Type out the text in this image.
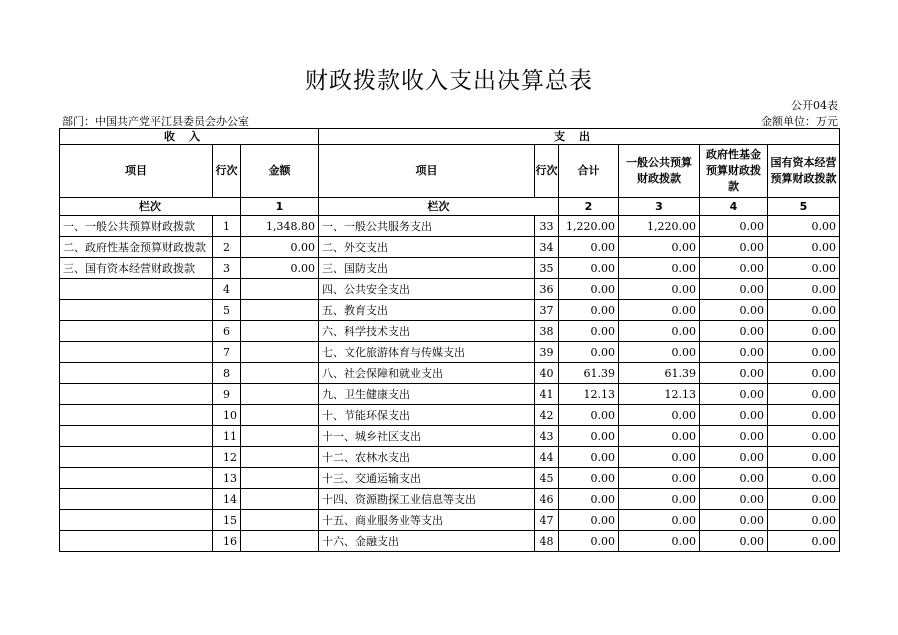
财政拨款收入支出决算总表
公开04表
部门：中国共产党平江县委员会办公室	金额单位：万元
收入			支出					
项目	行次	金额	项目	行次	合计	一般公共预算财政拨款	政府性基金预算财政拨款	国有资本经营预算财政拨款
栏次		1	栏次		2	3	4	5
一、一般公共预算财政拨款	1	1,348.80	一、一般公共服务支出	33	1,220.00	1,220.00	0.00	0.00
二、政府性基金预算财政拨款	2	0.00	二、外交支出	34	0.00	0.00	0.00	0.00
三、国有资本经营财政拨款	3	0.00	三、国防支出	35	0.00	0.00	0.00	0.00
	4		四、公共安全支出	36	0.00	0.00	0.00	0.00
	5		五、教育支出	37	0.00	0.00	0.00	0.00
	6		六、科学技术支出	38	0.00	0.00	0.00	0.00
	7		七、文化旅游体育与传媒支出	39	0.00	0.00	0.00	0.00
	8		八、社会保障和就业支出	40	61.39	61.39	0.00	0.00
	9		九、卫生健康支出	41	12.13	12.13	0.00	0.00
	10		十、节能环保支出	42	0.00	0.00	0.00	0.00
	11		十一、城乡社区支出	43	0.00	0.00	0.00	0.00
	12		十二、农林水支出	44	0.00	0.00	0.00	0.00
	13		十三、交通运输支出	45	0.00	0.00	0.00	0.00
	14		十四、资源勘探工业信息等支出	46	0.00	0.00	0.00	0.00
	15		十五、商业服务业等支出	47	0.00	0.00	0.00	0.00
	16		十六、金融支出	48	0.00	0.00	0.00	0.00
